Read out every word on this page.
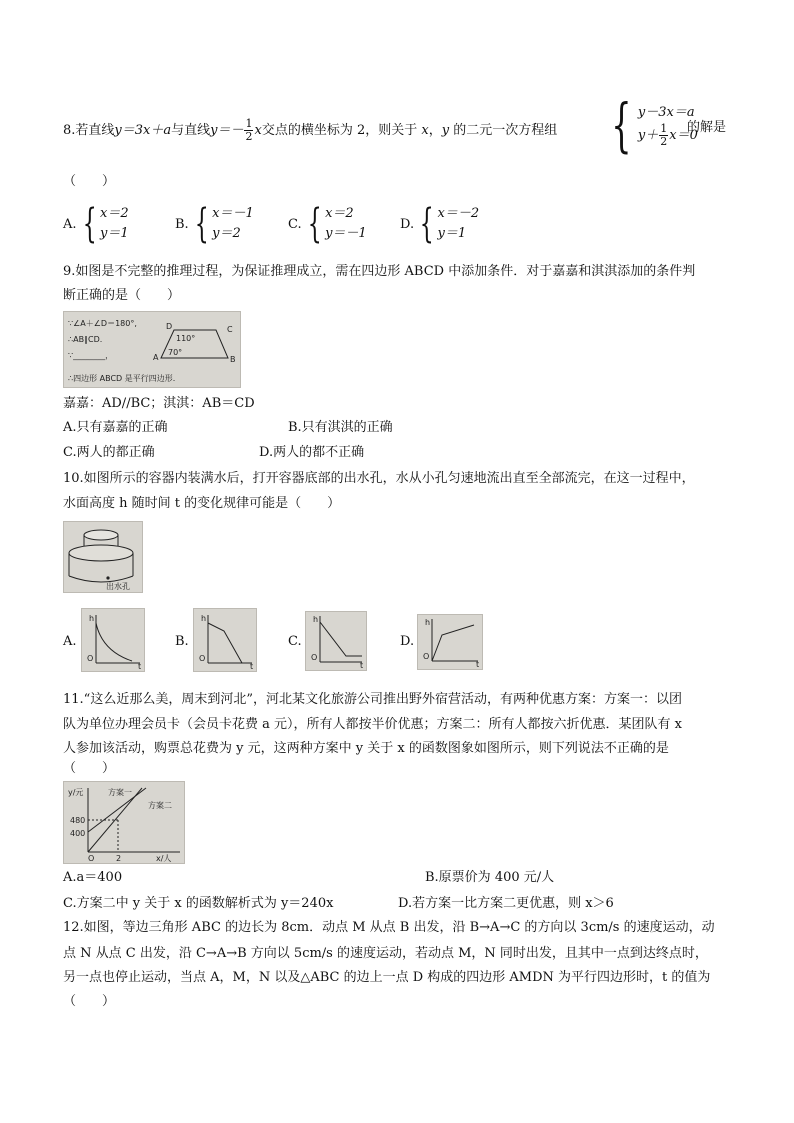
8.若直线y＝3x＋a与直线$y=- \frac{1}{2}$ x交点的横坐标为 2，则关于 x，y 的二元一次方程组 { y－3x＝a
$y+ \frac{1}{2} x=0$
的解是
（　　）
A. { x＝2
y＝1
B. { x＝－1
y＝2
C. { x＝2
y＝－1
D. { x＝－2
y＝1
9.如图是不完整的推理过程，为保证推理成立，需在四边形 ABCD 中添加条件．对于嘉嘉和淇淇添加的条件判
断正确的是（　　）
∵∠A＋∠D＝180°,
∴AB∥CD.
∵________，
∴四边形 ABCD 是平行四边形.
110°
70°
A	B
C
D
嘉嘉：AD//BC；淇淇：AB＝CD
A.只有嘉嘉的正确	B.只有淇淇的正确
C.两人的都正确	D.两人的都不正确
10.如图所示的容器内装满水后，打开容器底部的出水孔，水从小孔匀速地流出直至全部流完，在这一过程中，
水面高度 h 随时间 t 的变化规律可能是（　　）
出水孔
A.
h
O
t
B.
h
O
t
C.
h
O
t
D.
h
O
t
11.“这么近那么美，周末到河北”，河北某文化旅游公司推出野外宿营活动，有两种优惠方案：方案一：以团
队为单位办理会员卡（会员卡花费 a 元），所有人都按半价优惠；方案二：所有人都按六折优惠．某团队有 x
人参加该活动，购票总花费为 y 元，这两种方案中 y 关于 x 的函数图象如图所示，则下列说法不正确的是
（　　）
y/元
x/人
O	2
480
400
方案一
方案二
A.a＝400	B.原票价为 400 元/人
C.方案二中 y 关于 x 的函数解析式为 y＝240x	D.若方案一比方案二更优惠，则 x＞6
12.如图，等边三角形 ABC 的边长为 8cm．动点 M 从点 B 出发，沿 B→A→C 的方向以 3cm/s 的速度运动，动
点 N 从点 C 出发，沿 C→A→B 方向以 5cm/s 的速度运动，若动点 M，N 同时出发，且其中一点到达终点时，
另一点也停止运动，当点 A，M，N 以及△ABC 的边上一点 D 构成的四边形 AMDN 为平行四边形时，t 的值为
（　　）
